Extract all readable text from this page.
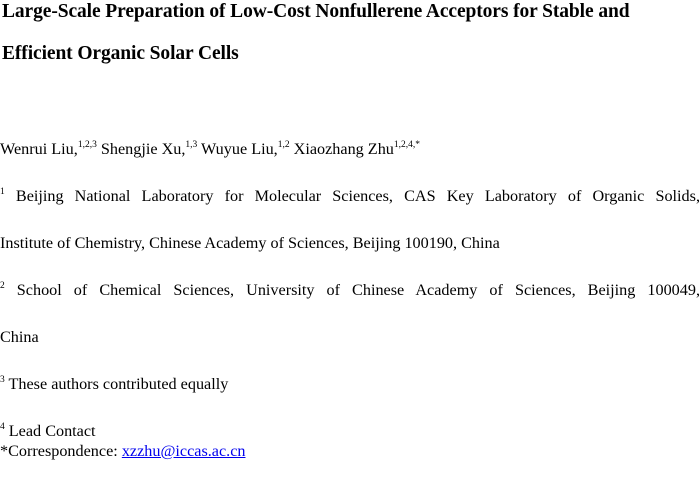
Large-Scale Preparation of Low-Cost Nonfullerene Acceptors for Stable and
Efficient Organic Solar Cells
Wenrui Liu,$^{1,2,3}$ Shengjie Xu,$^{1,3}$ Wuyue Liu,$^{1,2}$ Xiaozhang Zhu$^{1,2,4,*}$
$^1$ Beijing National Laboratory for Molecular Sciences, CAS Key Laboratory of Organic Solids,
Institute of Chemistry, Chinese Academy of Sciences, Beijing 100190, China
$^2$ School of Chemical Sciences, University of Chinese Academy of Sciences, Beijing 100049,
China
$^3$ These authors contributed equally
$^4$ Lead Contact
*Correspondence: xzzhu@iccas.ac.cn
